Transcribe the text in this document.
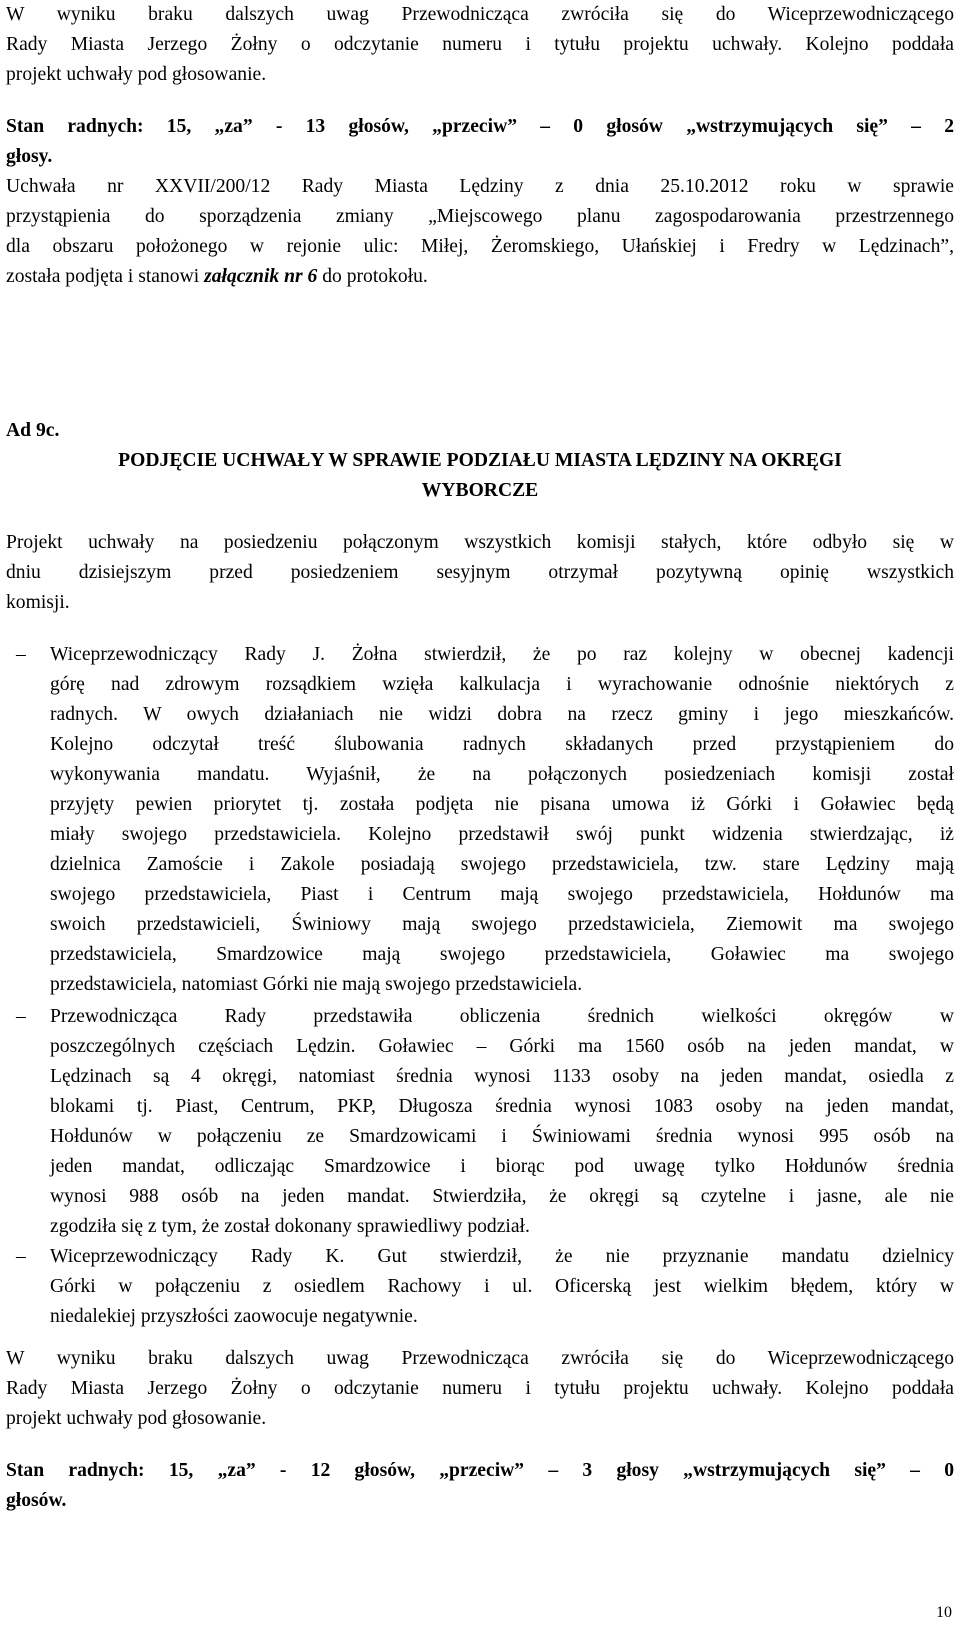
W wyniku braku dalszych uwag Przewodnicząca zwróciła się do Wiceprzewodniczącego
Rady Miasta Jerzego Żołny o odczytanie numeru i tytułu projektu uchwały. Kolejno poddała
projekt uchwały pod głosowanie.
Stan radnych: 15, „za” - 13 głosów, „przeciw” – 0 głosów „wstrzymujących się” – 2
głosy.
Uchwała nr XXVII/200/12 Rady Miasta Lędziny z dnia 25.10.2012 roku w sprawie
przystąpienia do sporządzenia zmiany „Miejscowego planu zagospodarowania przestrzennego
dla obszaru położonego w rejonie ulic: Miłej, Żeromskiego, Ułańskiej i Fredry w Lędzinach”,
została podjęta i stanowi załącznik nr 6 do protokołu.
Ad 9c.
PODJĘCIE UCHWAŁY W SPRAWIE PODZIAŁU MIASTA LĘDZINY NA OKRĘGI
WYBORCZE
Projekt uchwały na posiedzeniu połączonym wszystkich komisji stałych, które odbyło się w
dniu dzisiejszym przed posiedzeniem sesyjnym otrzymał pozytywną opinię wszystkich
komisji.
– Wiceprzewodniczący Rady J. Żołna stwierdził, że po raz kolejny w obecnej kadencji
górę nad zdrowym rozsądkiem wzięła kalkulacja i wyrachowanie odnośnie niektórych z
radnych. W owych działaniach nie widzi dobra na rzecz gminy i jego mieszkańców.
Kolejno odczytał treść ślubowania radnych składanych przed przystąpieniem do
wykonywania mandatu. Wyjaśnił, że na połączonych posiedzeniach komisji został
przyjęty pewien priorytet tj. została podjęta nie pisana umowa iż Górki i Goławiec będą
miały swojego przedstawiciela. Kolejno przedstawił swój punkt widzenia stwierdzając, iż
dzielnica Zamoście i Zakole posiadają swojego przedstawiciela, tzw. stare Lędziny mają
swojego przedstawiciela, Piast i Centrum mają swojego przedstawiciela, Hołdunów ma
swoich przedstawicieli, Świniowy mają swojego przedstawiciela, Ziemowit ma swojego
przedstawiciela, Smardzowice mają swojego przedstawiciela, Goławiec ma swojego
przedstawiciela, natomiast Górki nie mają swojego przedstawiciela.
– Przewodnicząca Rady przedstawiła obliczenia średnich wielkości okręgów w
poszczególnych częściach Lędzin. Goławiec – Górki ma 1560 osób na jeden mandat, w
Lędzinach są 4 okręgi, natomiast średnia wynosi 1133 osoby na jeden mandat, osiedla z
blokami tj. Piast, Centrum, PKP, Długosza średnia wynosi 1083 osoby na jeden mandat,
Hołdunów w połączeniu ze Smardzowicami i Świniowami średnia wynosi 995 osób na
jeden mandat, odliczając Smardzowice i biorąc pod uwagę tylko Hołdunów średnia
wynosi 988 osób na jeden mandat. Stwierdziła, że okręgi są czytelne i jasne, ale nie
zgodziła się z tym, że został dokonany sprawiedliwy podział.
– Wiceprzewodniczący Rady K. Gut stwierdził, że nie przyznanie mandatu dzielnicy
Górki w połączeniu z osiedlem Rachowy i ul. Oficerską jest wielkim błędem, który w
niedalekiej przyszłości zaowocuje negatywnie.
W wyniku braku dalszych uwag Przewodnicząca zwróciła się do Wiceprzewodniczącego
Rady Miasta Jerzego Żołny o odczytanie numeru i tytułu projektu uchwały. Kolejno poddała
projekt uchwały pod głosowanie.
Stan radnych: 15, „za” - 12 głosów, „przeciw” – 3 głosy „wstrzymujących się” – 0
głosów.
10
